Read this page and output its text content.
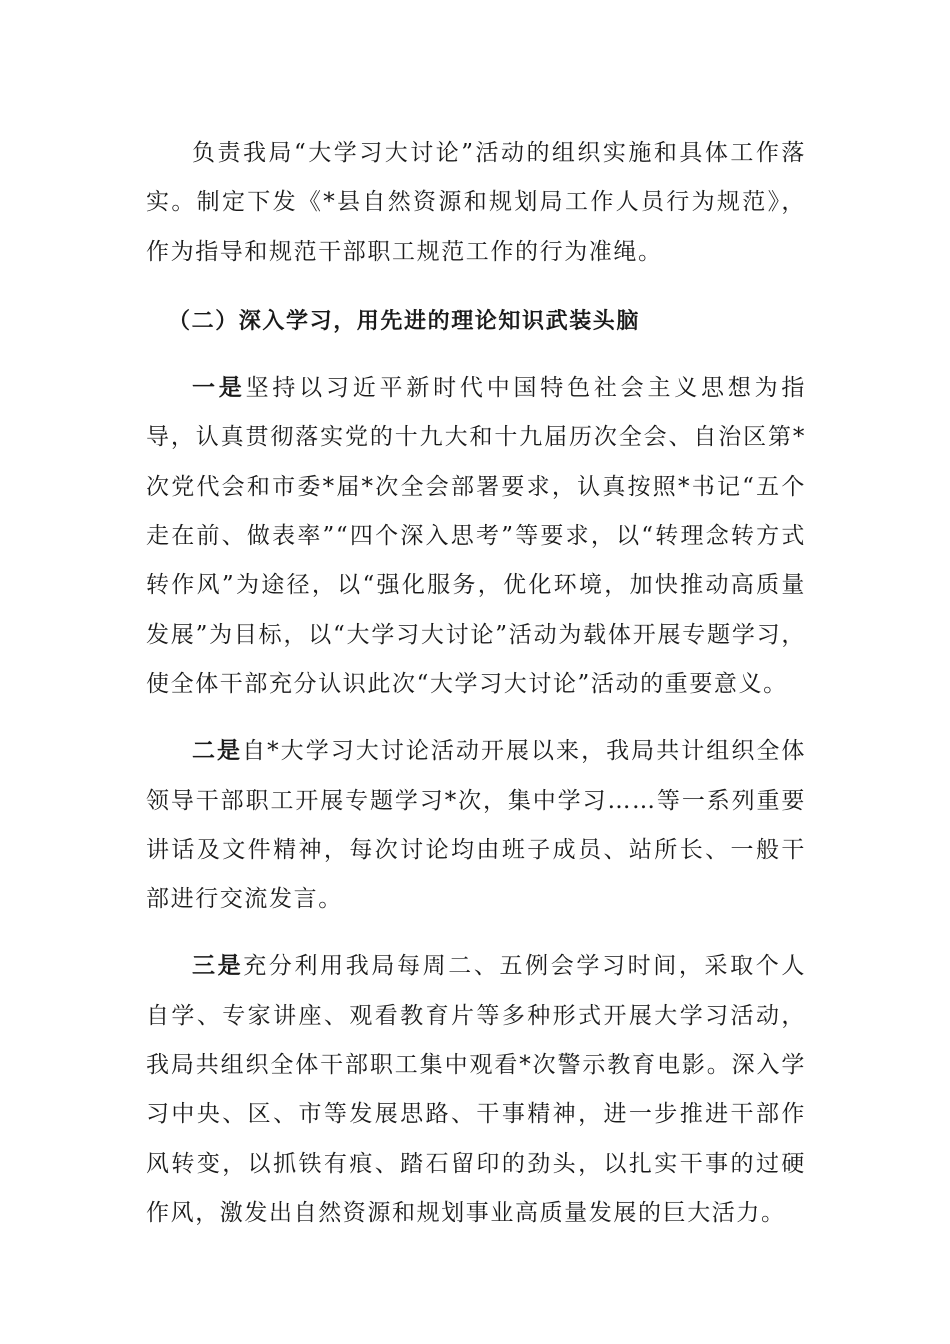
负责我局“大学习大讨论”活动的组织实施和具体工作落实。制定下发《*县自然资源和规划局工作人员行为规范》，作为指导和规范干部职工规范工作的行为准绳。

（二）深入学习，用先进的理论知识武装头脑

一是坚持以习近平新时代中国特色社会主义思想为指导，认真贯彻落实党的十九大和十九届历次全会、自治区第*次党代会和市委*届*次全会部署要求，认真按照*书记“五个走在前、做表率”“四个深入思考”等要求，以“转理念转方式转作风”为途径，以“强化服务，优化环境，加快推动高质量发展”为目标，以“大学习大讨论”活动为载体开展专题学习，使全体干部充分认识此次“大学习大讨论”活动的重要意义。

二是自*大学习大讨论活动开展以来，我局共计组织全体领导干部职工开展专题学习*次，集中学习……等一系列重要讲话及文件精神，每次讨论均由班子成员、站所长、一般干部进行交流发言。

三是充分利用我局每周二、五例会学习时间，采取个人自学、专家讲座、观看教育片等多种形式开展大学习活动，我局共组织全体干部职工集中观看*次警示教育电影。深入学习中央、区、市等发展思路、干事精神，进一步推进干部作风转变，以抓铁有痕、踏石留印的劲头，以扎实干事的过硬作风，激发出自然资源和规划事业高质量发展的巨大活力。
